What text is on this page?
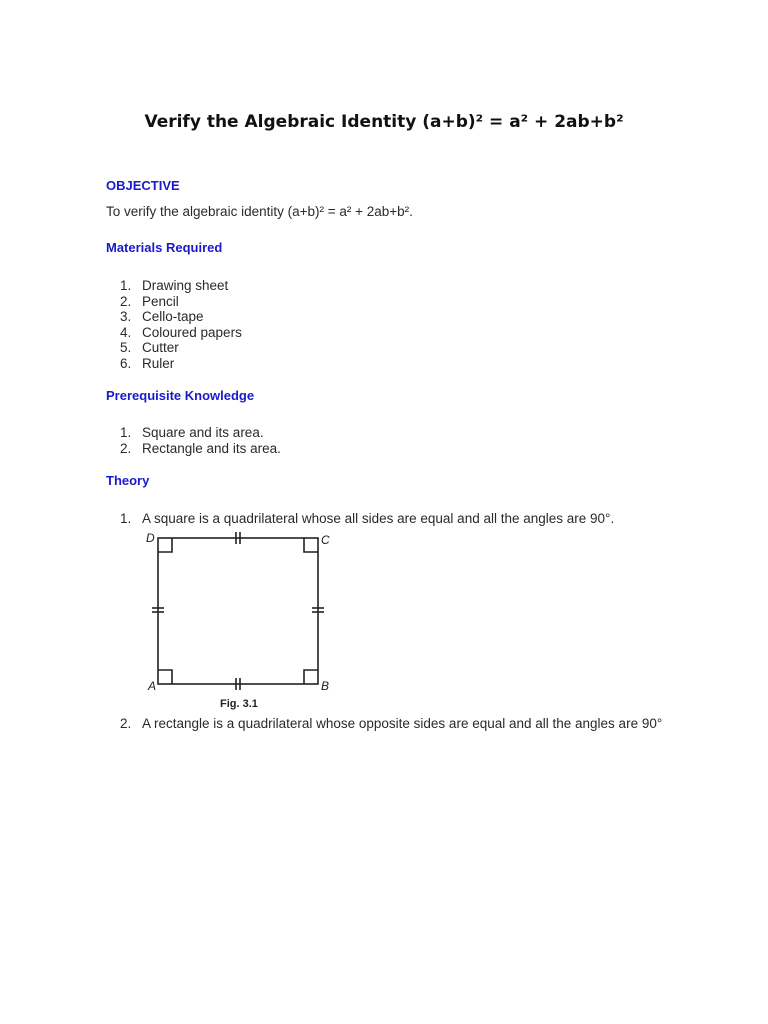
Verify the Algebraic Identity (a+b)² = a² + 2ab+b²
OBJECTIVE
To verify the algebraic identity (a+b)² = a² + 2ab+b².
Materials Required
1. Drawing sheet
2. Pencil
3. Cello-tape
4. Coloured papers
5. Cutter
6. Ruler
Prerequisite Knowledge
1. Square and its area.
2. Rectangle and its area.
Theory
1. A square is a quadrilateral whose all sides are equal and all the angles are 90°.
D	C
A	B
Fig. 3.1
2. A rectangle is a quadrilateral whose opposite sides are equal and all the angles are 90°
